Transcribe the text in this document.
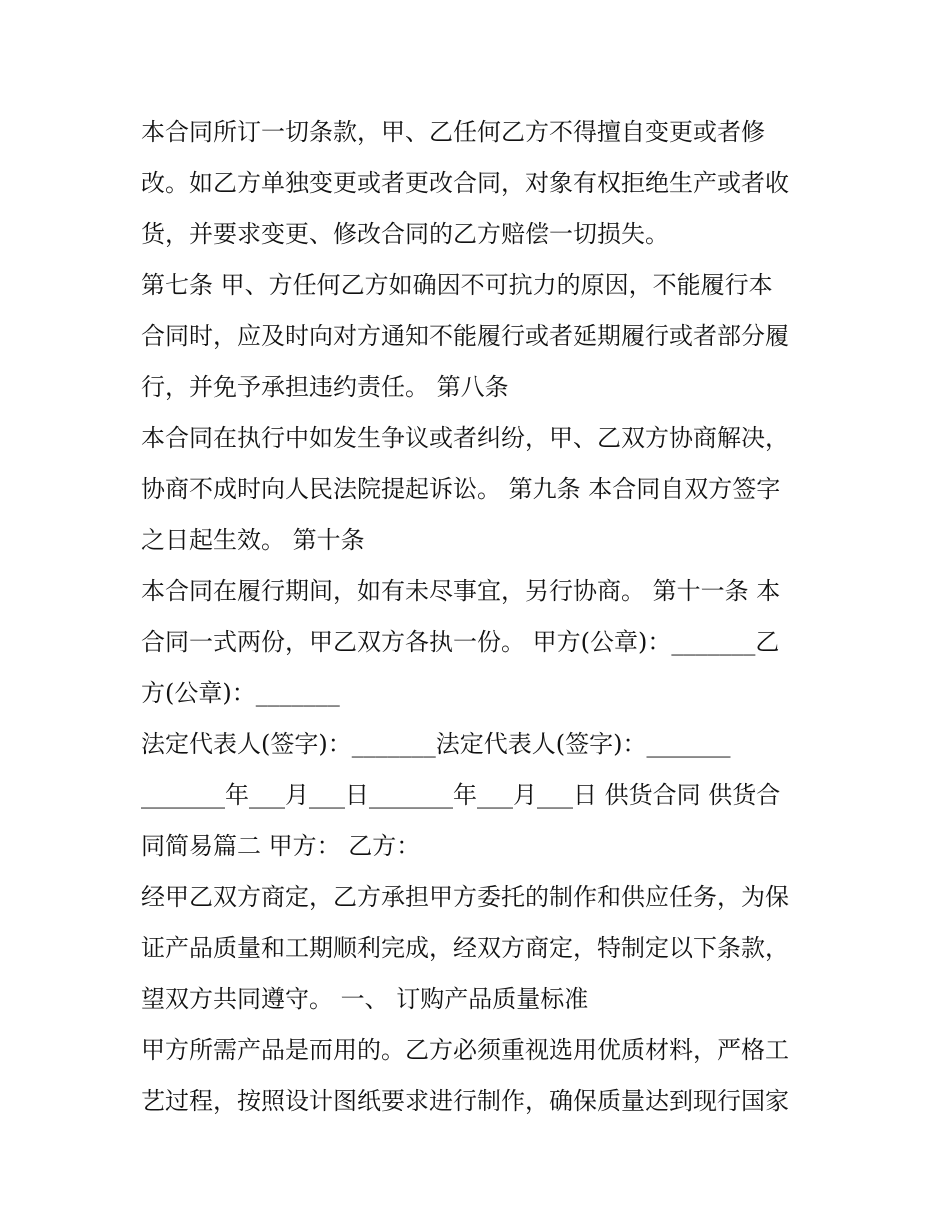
本合同所订一切条款，甲、乙任何乙方不得擅自变更或者修
改。如乙方单独变更或者更改合同，对象有权拒绝生产或者收
货，并要求变更、修改合同的乙方赔偿一切损失。
第七条 甲、方任何乙方如确因不可抗力的原因，不能履行本
合同时，应及时向对方通知不能履行或者延期履行或者部分履
行，并免予承担违约责任。 第八条
本合同在执行中如发生争议或者纠纷，甲、乙双方协商解决，
协商不成时向人民法院提起诉讼。 第九条 本合同自双方签字
之日起生效。 第十条
本合同在履行期间，如有未尽事宜，另行协商。 第十一条 本
合同一式两份，甲乙双方各执一份。 甲方(公章)：_______乙
方(公章)：_______
法定代表人(签字)：_______法定代表人(签字)：_______
_______年___月___日_______年___月___日 供货合同 供货合
同简易篇二 甲方： 乙方：
经甲乙双方商定，乙方承担甲方委托的制作和供应任务，为保
证产品质量和工期顺利完成，经双方商定，特制定以下条款，
望双方共同遵守。 一、 订购产品质量标准
甲方所需产品是而用的。乙方必须重视选用优质材料，严格工
艺过程，按照设计图纸要求进行制作，确保质量达到现行国家
